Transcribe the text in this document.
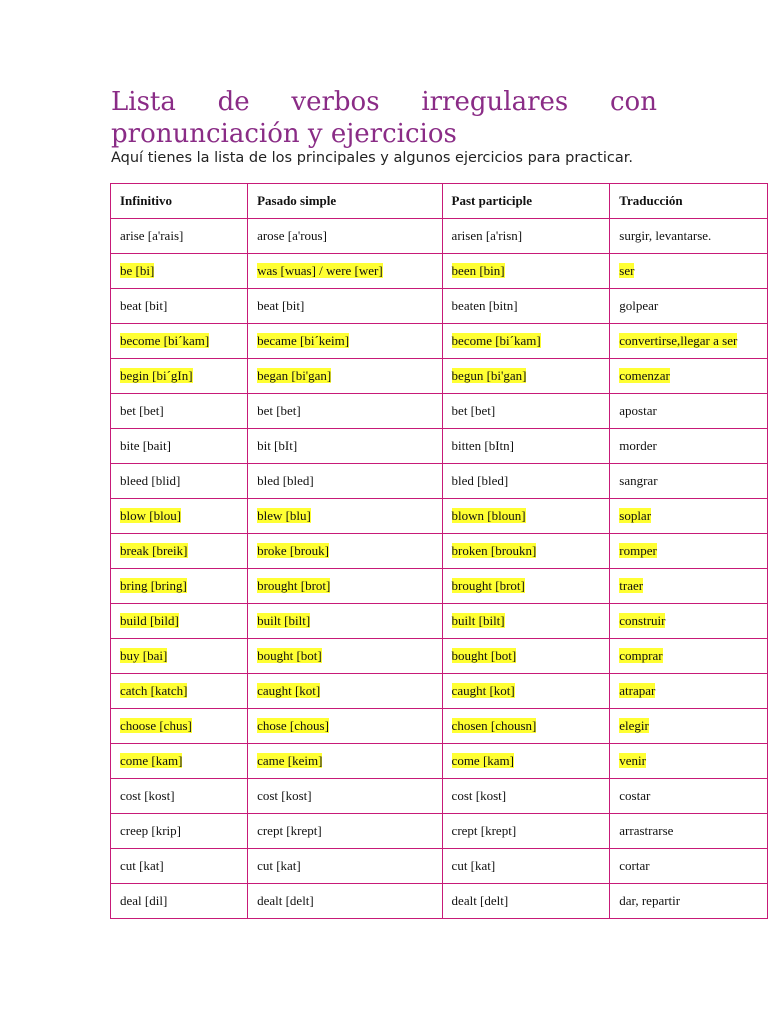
Lista de verbos irregulares con
pronunciación y ejercicios

Aquí tienes la lista de los principales y algunos ejercicios para practicar.

Infinitivo	Pasado simple	Past participle	Traducción
arise [a'rais]	arose [a'rous]	arisen [a'risn]	surgir, levantarse.
be [bi]	was [wuas] / were [wer]	been [bin]	ser
beat [bit]	beat [bit]	beaten [bitn]	golpear
become [bi´kam]	became [bi´keim]	become [bi´kam]	convertirse,llegar a ser
begin [bi´gIn]	began [bi'gan]	begun [bi'gan]	comenzar
bet [bet]	bet [bet]	bet [bet]	apostar
bite [bait]	bit [bIt]	bitten [bItn]	morder
bleed [blid]	bled [bled]	bled [bled]	sangrar
blow [blou]	blew [blu]	blown [bloun]	soplar
break [breik]	broke [brouk]	broken [broukn]	romper
bring [bring]	brought [brot]	brought [brot]	traer
build [bild]	built [bilt]	built [bilt]	construir
buy [bai]	bought [bot]	bought [bot]	comprar
catch [katch]	caught [kot]	caught [kot]	atrapar
choose [chus]	chose [chous]	chosen [chousn]	elegir
come [kam]	came [keim]	come [kam]	venir
cost [kost]	cost [kost]	cost [kost]	costar
creep [krip]	crept [krept]	crept [krept]	arrastrarse
cut [kat]	cut [kat]	cut [kat]	cortar
deal [dil]	dealt [delt]	dealt [delt]	dar, repartir
